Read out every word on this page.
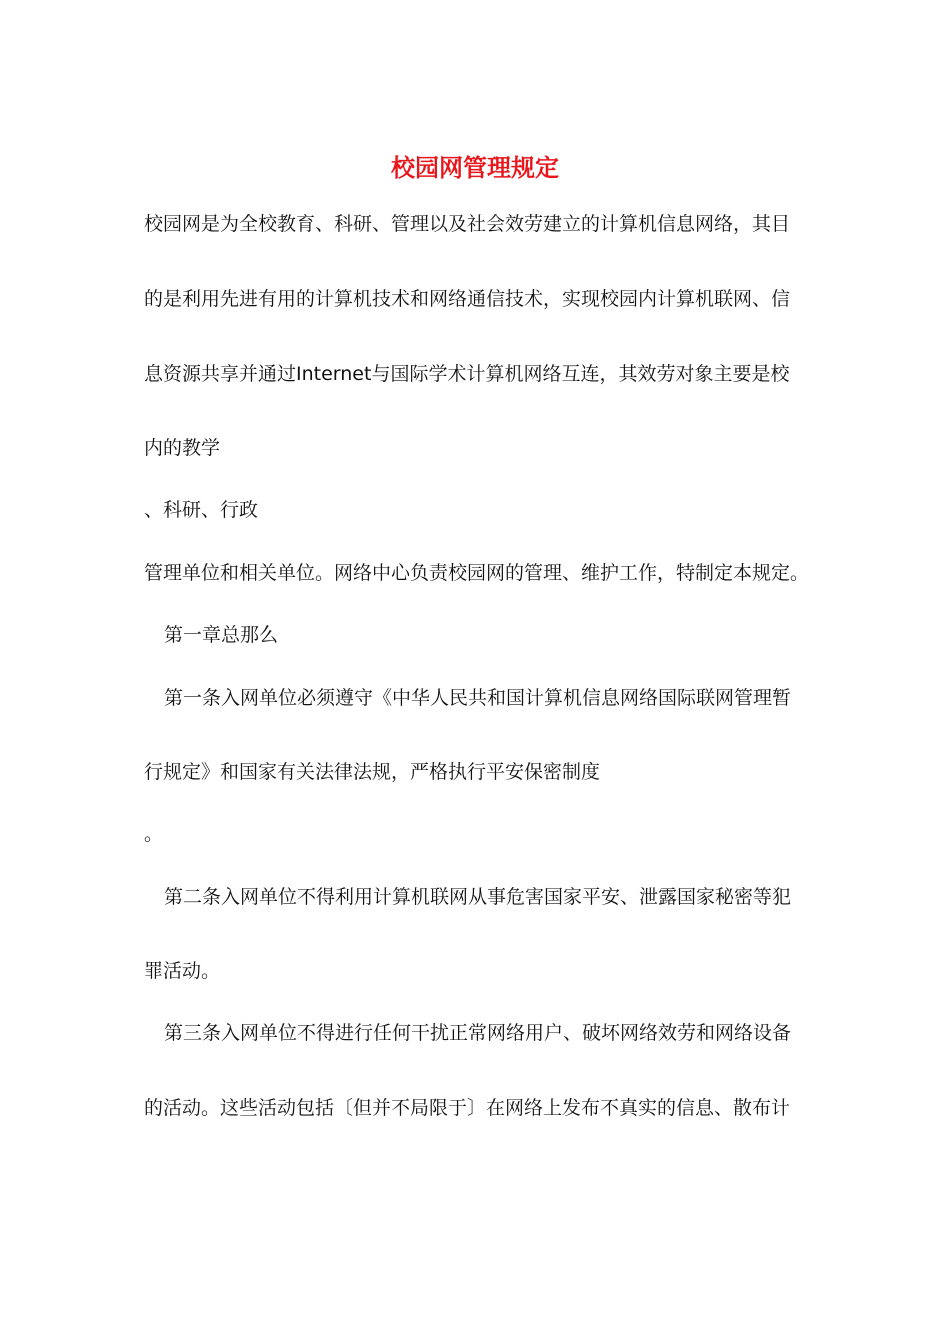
校园网管理规定
校园网是为全校教育、科研、管理以及社会效劳建立的计算机信息网络，其目
的是利用先进有用的计算机技术和网络通信技术，实现校园内计算机联网、信
息资源共享并通过Internet与国际学术计算机网络互连，其效劳对象主要是校
内的教学
、科研、行政
管理单位和相关单位。网络中心负责校园网的管理、维护工作，特制定本规定。
第一章总那么
第一条入网单位必须遵守《中华人民共和国计算机信息网络国际联网管理暂
行规定》和国家有关法律法规，严格执行平安保密制度
。
第二条入网单位不得利用计算机联网从事危害国家平安、泄露国家秘密等犯
罪活动。
第三条入网单位不得进行任何干扰正常网络用户、破坏网络效劳和网络设备
的活动。这些活动包括〔但并不局限于〕在网络上发布不真实的信息、散布计
